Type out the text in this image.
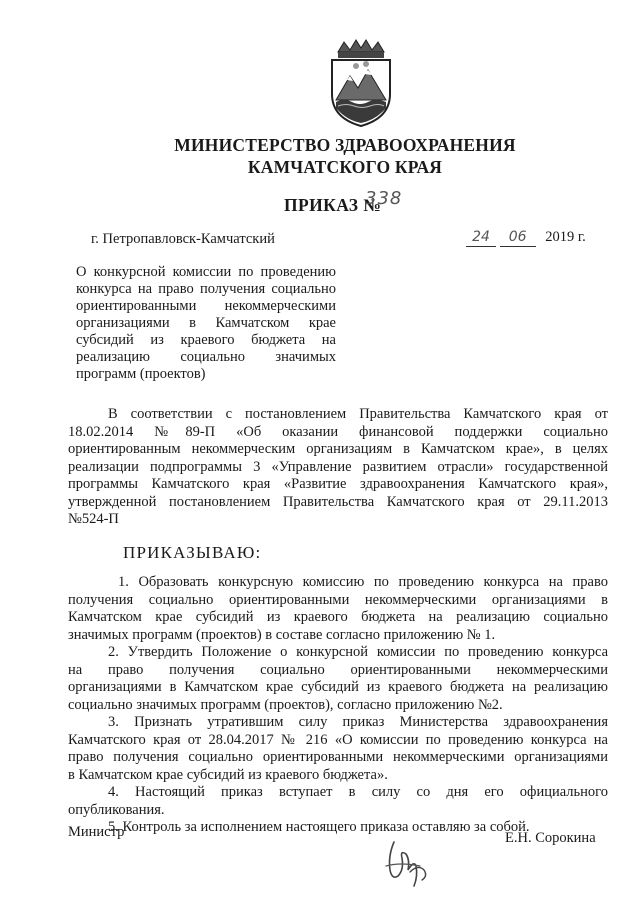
МИНИСТЕРСТВО ЗДРАВООХРАНЕНИЯ
КАМЧАТСКОГО КРАЯ
ПРИКАЗ №
338
г. Петропавловск-Камчатский	24 06 2019 г.
О конкурсной комиссии по проведению
конкурса на право получения социально
ориентированными некоммерческими
организациями в Камчатском крае
субсидий из краевого бюджета на
реализацию социально значимых
программ (проектов)
В соответствии с постановлением Правительства Камчатского края от
18.02.2014 №89-П «Об оказании финансовой поддержки социально
ориентированным некоммерческим организациям в Камчатском крае», в целях
реализации подпрограммы 3 «Управление развитием отрасли» государственной
программы Камчатского края «Развитие здравоохранения Камчатского края»,
утвержденной постановлением Правительства Камчатского края от 29.11.2013
№524-П
ПРИКАЗЫВАЮ:
1. Образовать конкурсную комиссию по проведению конкурса на право
получения социально ориентированными некоммерческими организациями в
Камчатском крае субсидий из краевого бюджета на реализацию социально
значимых программ (проектов) в составе согласно приложению № 1.
2. Утвердить Положение о конкурсной комиссии по проведению конкурса
на право получения социально ориентированными некоммерческими
организациями в Камчатском крае субсидий из краевого бюджета на реализацию
социально значимых программ (проектов), согласно приложению №2.
3. Признать утратившим силу приказ Министерства здравоохранения
Камчатского края от 28.04.2017 № 216 «О комиссии по проведению конкурса на
право получения социально ориентированными некоммерческими организациями
в Камчатском крае субсидий из краевого бюджета».
4. Настоящий приказ вступает в силу со дня его официального
опубликования.
5. Контроль за исполнением настоящего приказа оставляю за собой.
Министр	Е.Н. Сорокина
